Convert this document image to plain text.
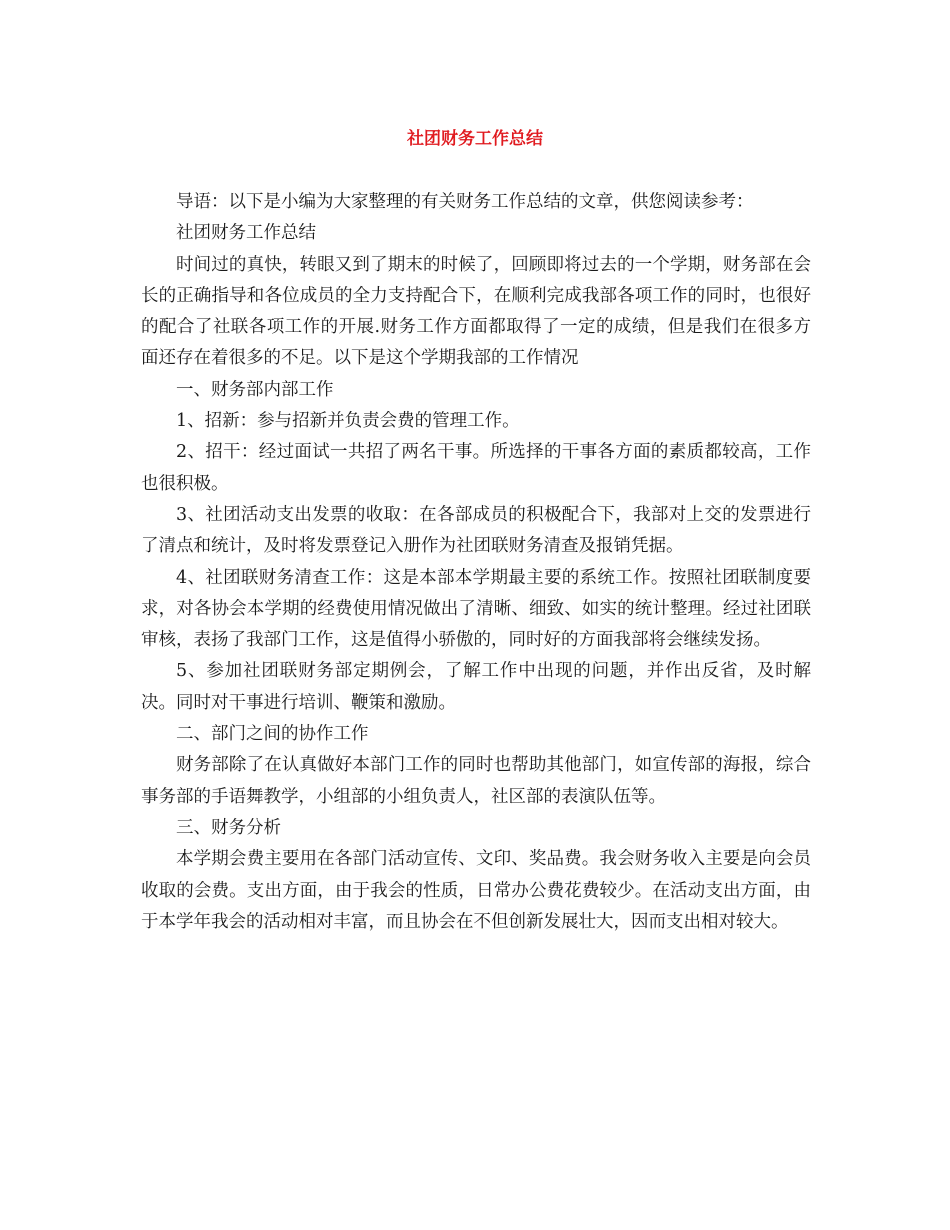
社团财务工作总结

导语：以下是小编为大家整理的有关财务工作总结的文章，供您阅读参考：

社团财务工作总结

时间过的真快，转眼又到了期末的时候了，回顾即将过去的一个学期，财务部在会长的正确指导和各位成员的全力支持配合下，在顺利完成我部各项工作的同时，也很好的配合了社联各项工作的开展.财务工作方面都取得了一定的成绩，但是我们在很多方面还存在着很多的不足。以下是这个学期我部的工作情况

一、财务部内部工作

1、招新：参与招新并负责会费的管理工作。

2、招干：经过面试一共招了两名干事。所选择的干事各方面的素质都较高，工作也很积极。

3、社团活动支出发票的收取：在各部成员的积极配合下，我部对上交的发票进行了清点和统计，及时将发票登记入册作为社团联财务清查及报销凭据。

4、社团联财务清查工作：这是本部本学期最主要的系统工作。按照社团联制度要求，对各协会本学期的经费使用情况做出了清晰、细致、如实的统计整理。经过社团联审核，表扬了我部门工作，这是值得小骄傲的，同时好的方面我部将会继续发扬。

5、参加社团联财务部定期例会，了解工作中出现的问题，并作出反省，及时解决。同时对干事进行培训、鞭策和激励。

二、部门之间的协作工作

财务部除了在认真做好本部门工作的同时也帮助其他部门，如宣传部的海报，综合事务部的手语舞教学，小组部的小组负责人，社区部的表演队伍等。

三、财务分析

本学期会费主要用在各部门活动宣传、文印、奖品费。我会财务收入主要是向会员收取的会费。支出方面，由于我会的性质，日常办公费花费较少。在活动支出方面，由于本学年我会的活动相对丰富，而且协会在不但创新发展壮大，因而支出相对较大。
